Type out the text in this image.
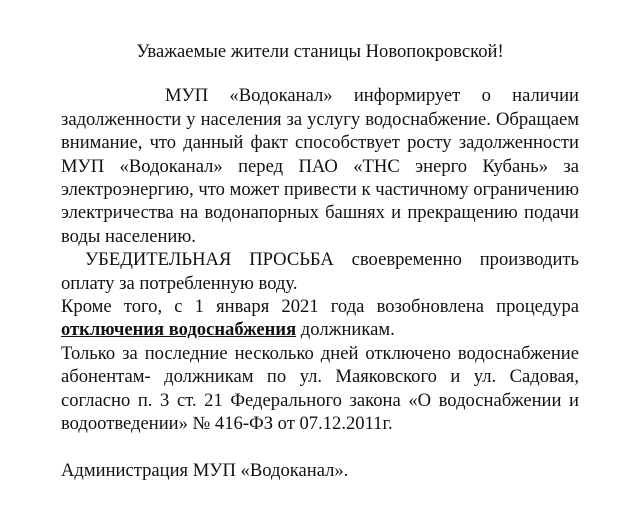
Уважаемые жители станицы Новопокровской!

МУП «Водоканал» информирует о наличии задолженности у населения за услугу водоснабжение. Обращаем внимание, что данный факт способствует росту задолженности МУП «Водоканал» перед ПАО «ТНС энерго Кубань» за электроэнергию, что может привести к частичному ограничению электричества на водонапорных башнях и прекращению подачи воды населению.

УБЕДИТЕЛЬНАЯ ПРОСЬБА своевременно производить оплату за потребленную воду.

Кроме того, с 1 января 2021 года возобновлена процедура отключения водоснабжения должникам.

Только за последние несколько дней отключено водоснабжение абонентам- должникам по ул. Маяковского и ул. Садовая, согласно п. 3 ст. 21 Федерального закона «О водоснабжении и водоотведении» № 416-ФЗ от 07.12.2011г.

Администрация МУП «Водоканал».
